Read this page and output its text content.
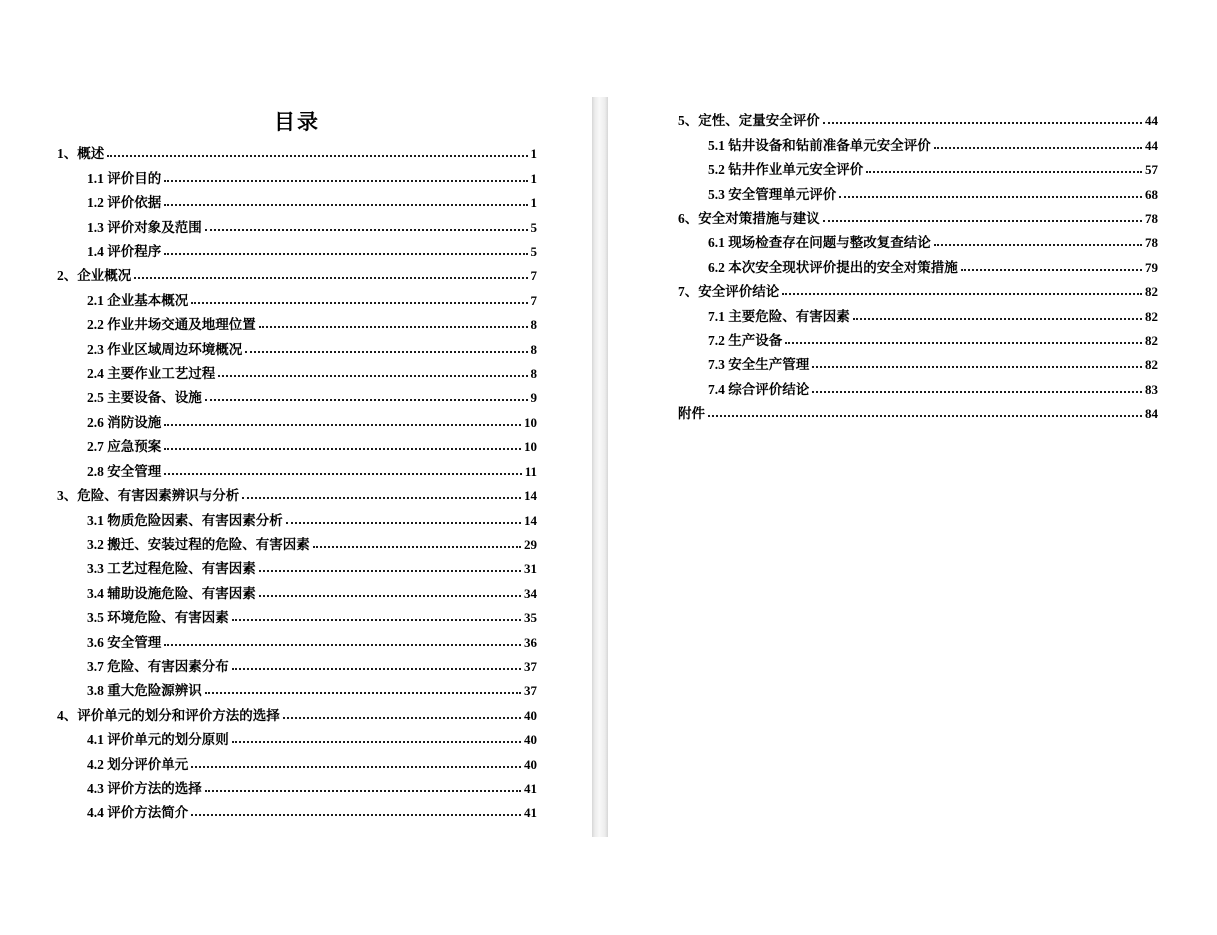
目录
1、概述	1
1.1 评价目的	1
1.2 评价依据	1
1.3 评价对象及范围	5
1.4 评价程序	5
2、企业概况	7
2.1 企业基本概况	7
2.2 作业井场交通及地理位置	8
2.3 作业区域周边环境概况	8
2.4 主要作业工艺过程	8
2.5 主要设备、设施	9
2.6 消防设施	10
2.7 应急预案	10
2.8 安全管理	11
3、危险、有害因素辨识与分析	14
3.1 物质危险因素、有害因素分析	14
3.2 搬迁、安装过程的危险、有害因素	29
3.3 工艺过程危险、有害因素	31
3.4 辅助设施危险、有害因素	34
3.5 环境危险、有害因素	35
3.6 安全管理	36
3.7 危险、有害因素分布	37
3.8 重大危险源辨识	37
4、评价单元的划分和评价方法的选择	40
4.1 评价单元的划分原则	40
4.2 划分评价单元	40
4.3 评价方法的选择	41
4.4 评价方法简介	41
5、定性、定量安全评价	44
5.1 钻井设备和钻前准备单元安全评价	44
5.2 钻井作业单元安全评价	57
5.3 安全管理单元评价	68
6、安全对策措施与建议	78
6.1 现场检查存在问题与整改复查结论	78
6.2 本次安全现状评价提出的安全对策措施	79
7、安全评价结论	82
7.1 主要危险、有害因素	82
7.2 生产设备	82
7.3 安全生产管理	82
7.4 综合评价结论	83
附件	84
